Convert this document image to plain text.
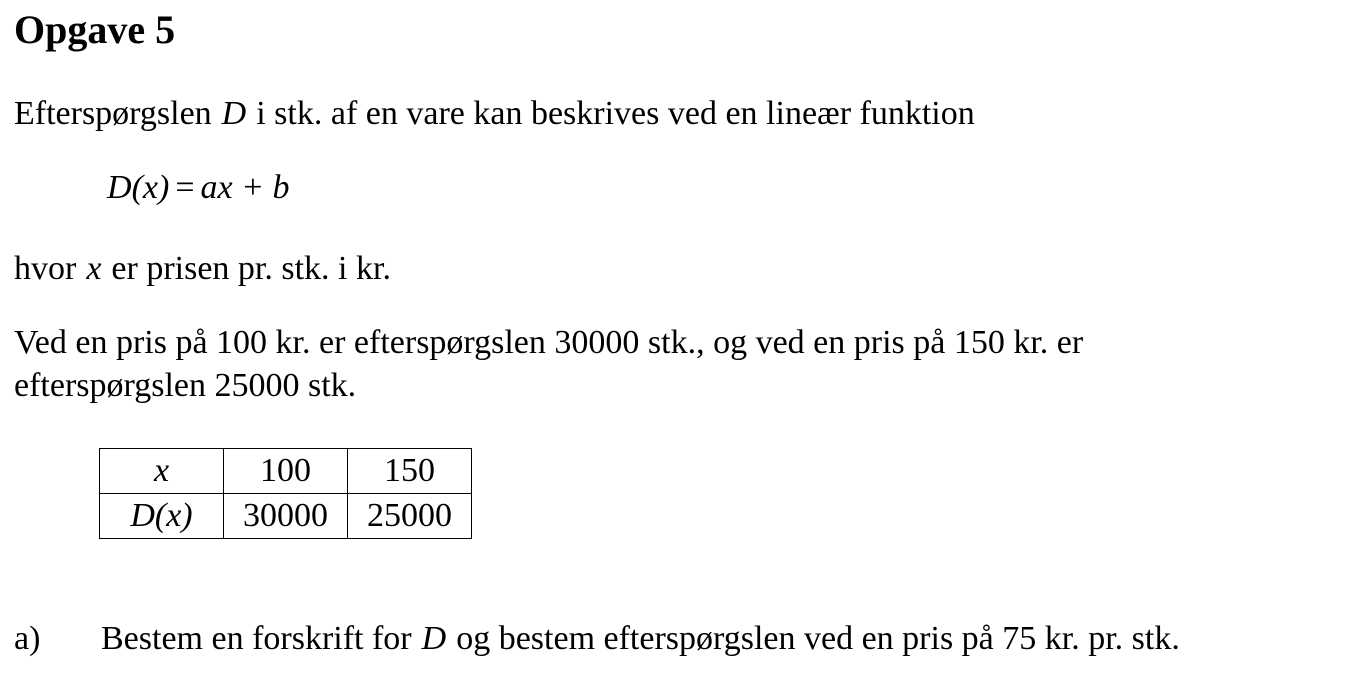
Opgave 5

Efterspørgslen D i stk. af en vare kan beskrives ved en lineær funktion

D(x) = ax + b

hvor x er prisen pr. stk. i kr.

Ved en pris på 100 kr. er efterspørgslen 30000 stk., og ved en pris på 150 kr. er

efterspørgslen 25000 stk.

x	100	150
D(x)	30000	25000

a) Bestem en forskrift for D og bestem efterspørgslen ved en pris på 75 kr. pr. stk.
